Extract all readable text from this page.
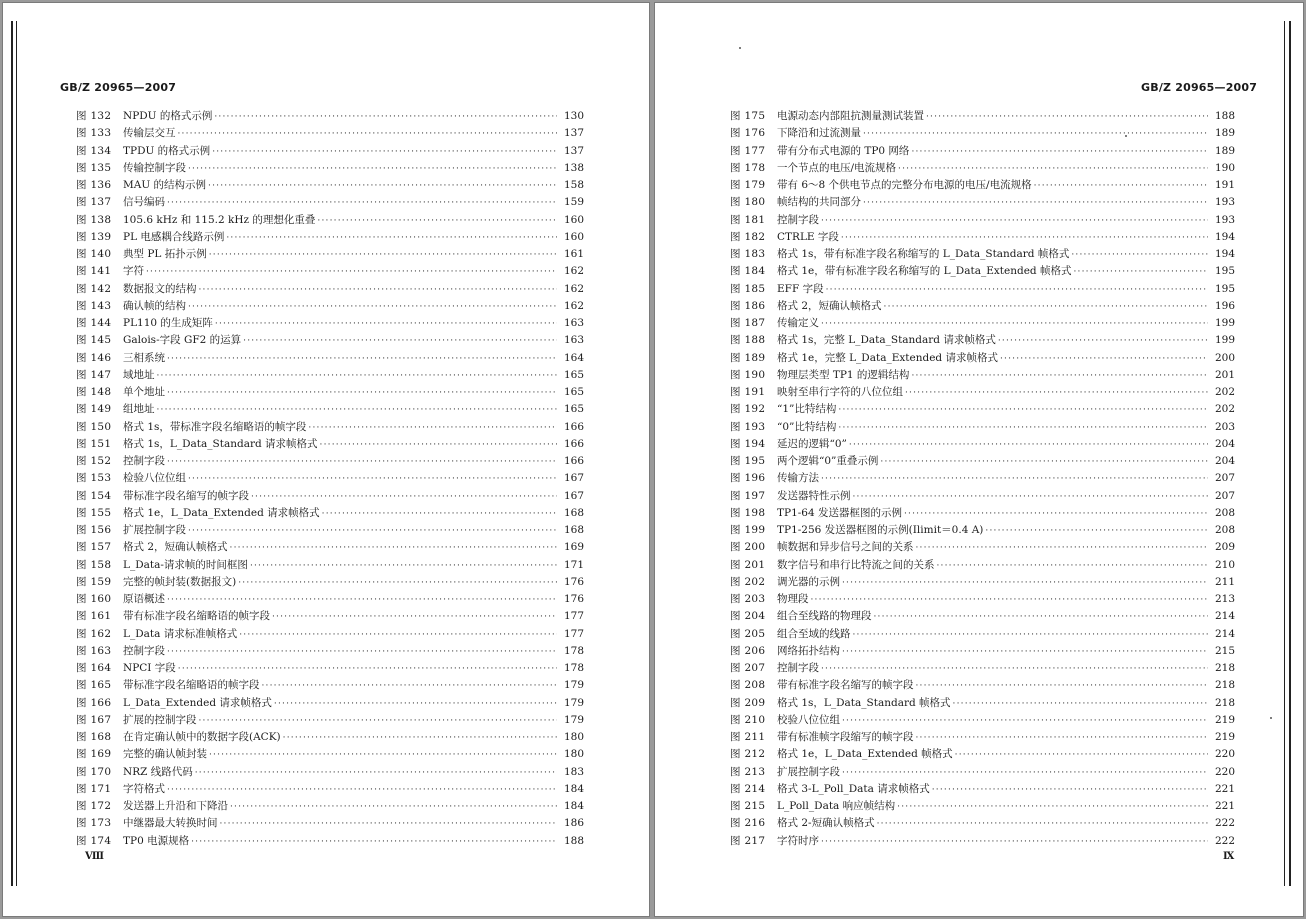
GB/Z 20965—2007
图 132	NPDU 的格式示例 ·····	130
图 133	传输层交互 ·····	137
图 134	TPDU 的格式示例 ·····	137
图 135	传输控制字段 ·····	138
图 136	MAU 的结构示例 ·····	158
图 137	信号编码 ·····	159
图 138	105.6 kHz 和 115.2 kHz 的理想化重叠 ·····	160
图 139	PL 电感耦合线路示例 ·····	160
图 140	典型 PL 拓扑示例 ·····	161
图 141	字符 ·····	162
图 142	数据报文的结构 ·····	162
图 143	确认帧的结构 ·····	162
图 144	PL110 的生成矩阵 ·····	163
图 145	Galois-字段 GF2 的运算 ·····	163
图 146	三相系统 ·····	164
图 147	域地址 ·····	165
图 148	单个地址 ·····	165
图 149	组地址 ·····	165
图 150	格式 1s，带标准字段名缩略语的帧字段 ·····	166
图 151	格式 1s，L_Data_Standard 请求帧格式 ·····	166
图 152	控制字段 ·····	166
图 153	检验八位位组 ·····	167
图 154	带标准字段名缩写的帧字段 ·····	167
图 155	格式 1e，L_Data_Extended 请求帧格式 ·····	168
图 156	扩展控制字段 ·····	168
图 157	格式 2，短确认帧格式 ·····	169
图 158	L_Data-请求帧的时间框图 ·····	171
图 159	完整的帧封装(数据报文) ·····	176
图 160	原语概述 ·····	176
图 161	带有标准字段名缩略语的帧字段 ·····	177
图 162	L_Data 请求标准帧格式 ·····	177
图 163	控制字段 ·····	178
图 164	NPCI 字段 ·····	178
图 165	带标准字段名缩略语的帧字段 ·····	179
图 166	L_Data_Extended 请求帧格式 ·····	179
图 167	扩展的控制字段 ·····	179
图 168	在肯定确认帧中的数据字段(ACK) ·····	180
图 169	完整的确认帧封装 ·····	180
图 170	NRZ 线路代码 ·····	183
图 171	字符格式 ·····	184
图 172	发送器上升沿和下降沿 ·····	184
图 173	中继器最大转换时间 ·····	186
图 174	TP0 电源规格 ·····	188
Ⅷ
GB/Z 20965—2007
图 175	电源动态内部阻抗测量测试装置 ·····	188
图 176	下降沿和过流测量 ·····	189
图 177	带有分布式电源的 TP0 网络 ·····	189
图 178	一个节点的电压/电流规格 ·····	190
图 179	带有 6～8 个供电节点的完整分布电源的电压/电流规格 ·····	191
图 180	帧结构的共同部分 ·····	193
图 181	控制字段 ·····	193
图 182	CTRLE 字段 ·····	194
图 183	格式 1s，带有标准字段名称缩写的 L_Data_Standard 帧格式 ·····	194
图 184	格式 1e，带有标准字段名称缩写的 L_Data_Extended 帧格式 ·····	195
图 185	EFF 字段 ·····	195
图 186	格式 2，短确认帧格式 ·····	196
图 187	传输定义 ·····	199
图 188	格式 1s，完整 L_Data_Standard 请求帧格式 ·····	199
图 189	格式 1e，完整 L_Data_Extended 请求帧格式 ·····	200
图 190	物理层类型 TP1 的逻辑结构 ·····	201
图 191	映射至串行字符的八位位组 ·····	202
图 192	“1”比特结构 ·····	202
图 193	“0”比特结构 ·····	203
图 194	延迟的逻辑“0” ·····	204
图 195	两个逻辑“0”重叠示例 ·····	204
图 196	传输方法 ·····	207
图 197	发送器特性示例 ·····	207
图 198	TP1-64 发送器框图的示例 ·····	208
图 199	TP1-256 发送器框图的示例(Ilimit＝0.4 A) ·····	208
图 200	帧数据和异步信号之间的关系 ·····	209
图 201	数字信号和串行比特流之间的关系 ·····	210
图 202	调光器的示例 ·····	211
图 203	物理段 ·····	213
图 204	组合至线路的物理段 ·····	214
图 205	组合至域的线路 ·····	214
图 206	网络拓扑结构 ·····	215
图 207	控制字段 ·····	218
图 208	带有标准字段名缩写的帧字段 ·····	218
图 209	格式 1s，L_Data_Standard 帧格式 ·····	218
图 210	校验八位位组 ·····	219
图 211	带有标准帧字段缩写的帧字段 ·····	219
图 212	格式 1e，L_Data_Extended 帧格式 ·····	220
图 213	扩展控制字段 ·····	220
图 214	格式 3-L_Poll_Data 请求帧格式 ·····	221
图 215	L_Poll_Data 响应帧结构 ·····	221
图 216	格式 2-短确认帧格式 ·····	222
图 217	字符时序 ·····	222
Ⅸ
